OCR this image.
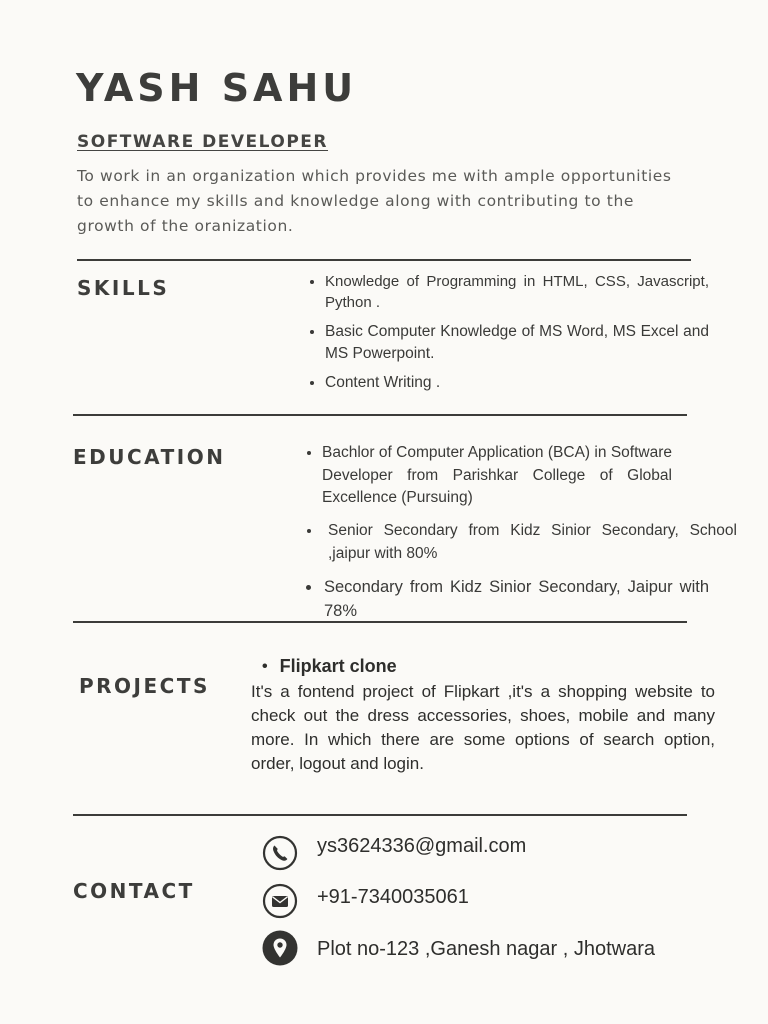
YASH SAHU
SOFTWARE DEVELOPER

To work in an organization which provides me with ample opportunities to enhance my skills and knowledge along with contributing to the growth of the oranization.

SKILLS	• Knowledge of Programming in HTML, CSS, Javascript, Python .
• Basic Computer Knowledge of MS Word, MS Excel and MS Powerpoint.
• Content Writing .
EDUCATION	• Bachlor of Computer Application (BCA) in Software Developer from Parishkar College of Global Excellence (Pursuing)
• Senior Secondary from Kidz Sinior Secondary, School ,jaipur with 80%
• Secondary from Kidz Sinior Secondary, Jaipur with 78%
PROJECTS

• Flipkart clone

It's a fontend project of Flipkart ,it's a shopping website to check out the dress accessories, shoes, mobile and many more. In which there are some options of search option, order, logout and login.

CONTACT
ys3624336@gmail.com
+91-7340035061
Plot no-123 ,Ganesh nagar , Jhotwara
